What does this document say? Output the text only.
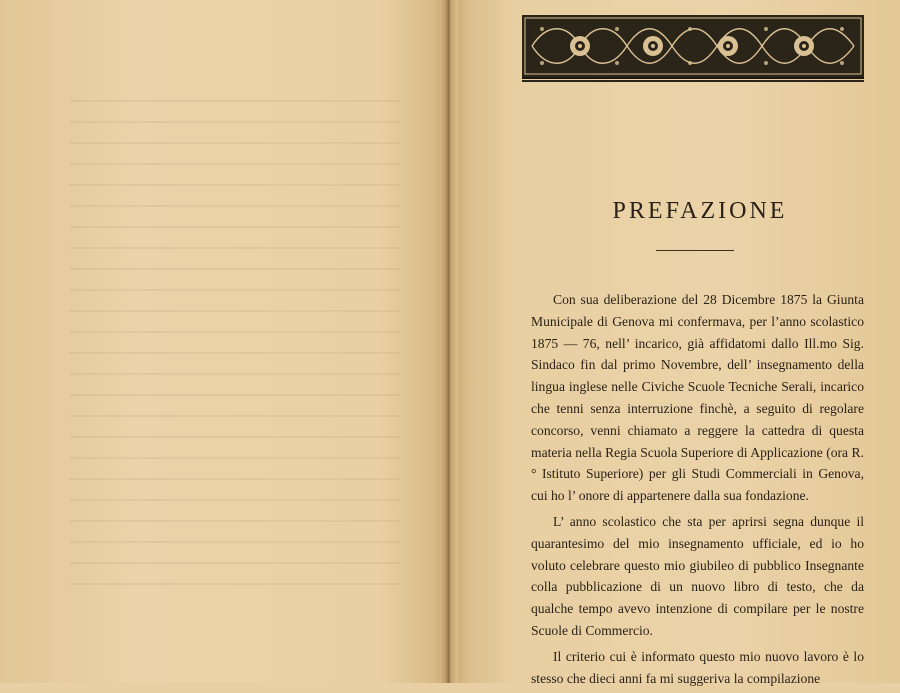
PREFAZIONE

Con sua deliberazione del 28 Dicembre 1875 la Giunta Municipale di Genova mi confermava, per l’anno scolastico 1875 — 76, nell’ incarico, già affidatomi dallo Ill.mo Sig. Sindaco fin dal primo Novembre, dell’ insegnamento della lingua inglese nelle Civiche Scuole Tecniche Serali, incarico che tenni senza interruzione finchè, a seguito di regolare concorso, venni chiamato a reggere la cattedra di questa materia nella Regia Scuola Superiore di Applicazione (ora R.° Istituto Superiore) per gli Studi Commerciali in Genova, cui ho l’ onore di appartenere dalla sua fondazione.

L’ anno scolastico che sta per aprirsi segna dunque il quarantesimo del mio insegnamento ufficiale, ed io ho voluto celebrare questo mio giubileo di pubblico Insegnante colla pubblicazione di un nuovo libro di testo, che da qualche tempo avevo intenzione di compilare per le nostre Scuole di Commercio.

Il criterio cui è informato questo mio nuovo lavoro è lo stesso che dieci anni fa mi suggeriva la compilazione
